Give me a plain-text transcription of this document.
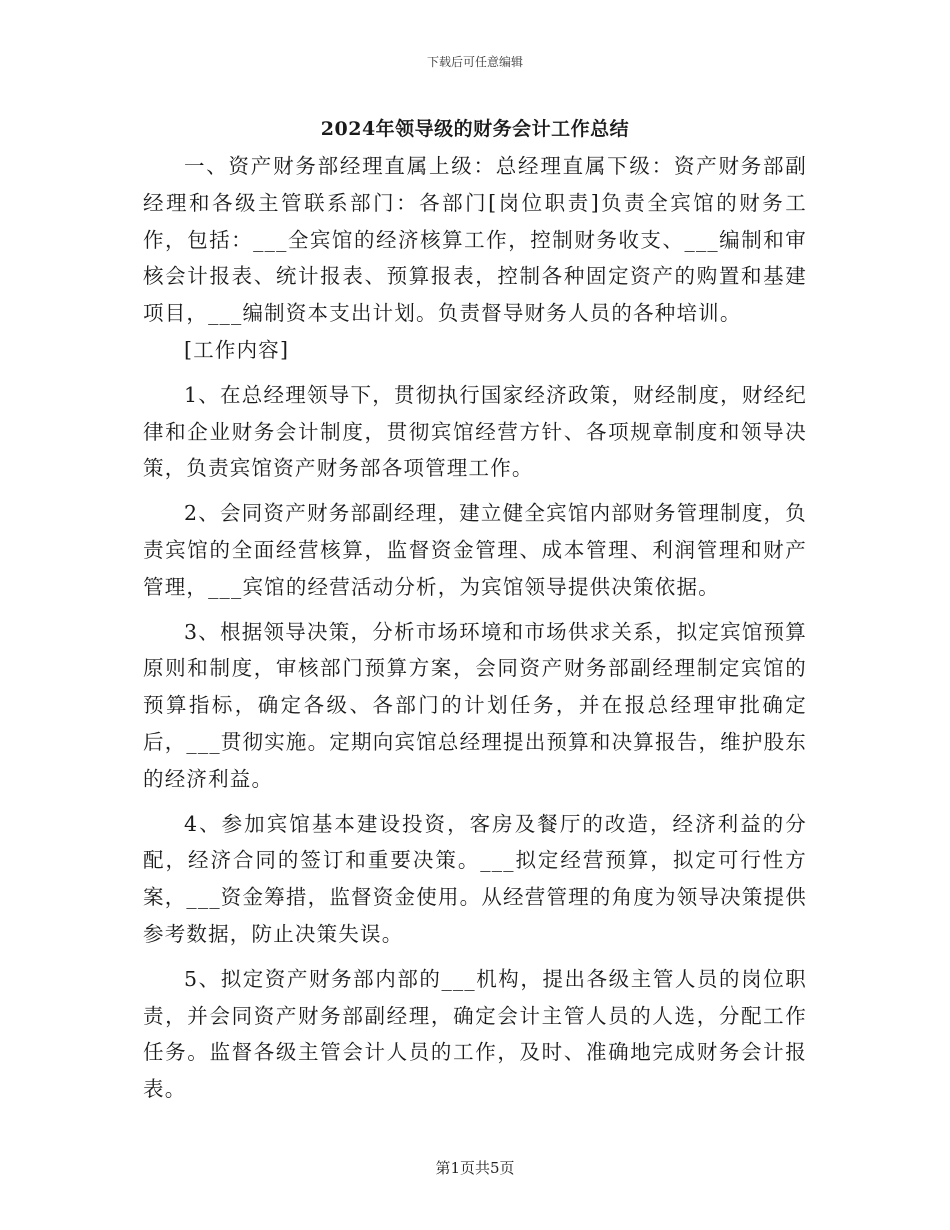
下载后可任意编辑
2024年领导级的财务会计工作总结

一、资产财务部经理直属上级：总经理直属下级：资产财务部副经理和各级主管联系部门：各部门[岗位职责]负责全宾馆的财务工作，包括：___全宾馆的经济核算工作，控制财务收支、___编制和审核会计报表、统计报表、预算报表，控制各种固定资产的购置和基建项目，___编制资本支出计划。负责督导财务人员的各种培训。

[工作内容]

1、在总经理领导下，贯彻执行国家经济政策，财经制度，财经纪律和企业财务会计制度，贯彻宾馆经营方针、各项规章制度和领导决策，负责宾馆资产财务部各项管理工作。

2、会同资产财务部副经理，建立健全宾馆内部财务管理制度，负责宾馆的全面经营核算，监督资金管理、成本管理、利润管理和财产管理，___宾馆的经营活动分析，为宾馆领导提供决策依据。

3、根据领导决策，分析市场环境和市场供求关系，拟定宾馆预算原则和制度，审核部门预算方案，会同资产财务部副经理制定宾馆的预算指标，确定各级、各部门的计划任务，并在报总经理审批确定后，___贯彻实施。定期向宾馆总经理提出预算和决算报告，维护股东的经济利益。

4、参加宾馆基本建设投资，客房及餐厅的改造，经济利益的分配，经济合同的签订和重要决策。___拟定经营预算，拟定可行性方案，___资金筹措，监督资金使用。从经营管理的角度为领导决策提供参考数据，防止决策失误。

5、拟定资产财务部内部的___机构，提出各级主管人员的岗位职责，并会同资产财务部副经理，确定会计主管人员的人选，分配工作任务。监督各级主管会计人员的工作，及时、准确地完成财务会计报表。

第1页共5页
